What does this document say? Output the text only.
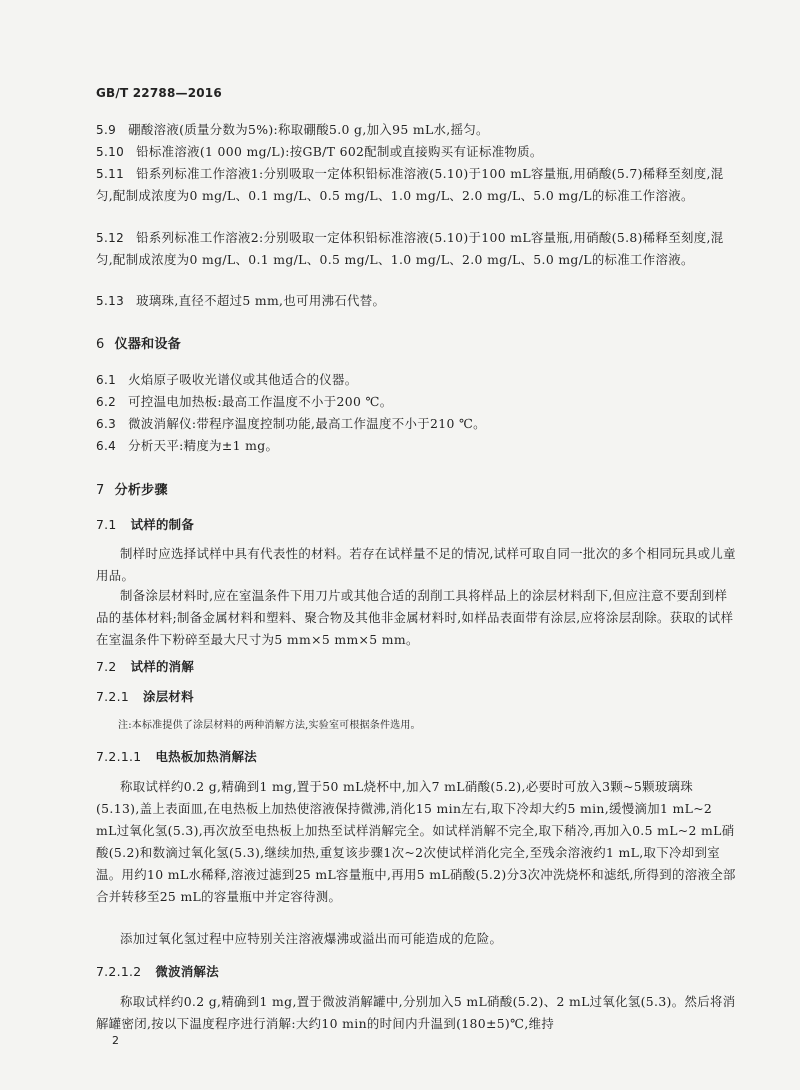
GB/T 22788—2016

5.9 硼酸溶液(质量分数为5%):称取硼酸5.0 g,加入95 mL水,摇匀。

5.10 铅标准溶液(1 000 mg/L):按GB/T 602配制或直接购买有证标准物质。

5.11 铅系列标准工作溶液1:分别吸取一定体积铅标准溶液(5.10)于100 mL容量瓶,用硝酸(5.7)稀释至刻度,混匀,配制成浓度为0 mg/L、0.1 mg/L、0.5 mg/L、1.0 mg/L、2.0 mg/L、5.0 mg/L的标准工作溶液。

5.12 铅系列标准工作溶液2:分别吸取一定体积铅标准溶液(5.10)于100 mL容量瓶,用硝酸(5.8)稀释至刻度,混匀,配制成浓度为0 mg/L、0.1 mg/L、0.5 mg/L、1.0 mg/L、2.0 mg/L、5.0 mg/L的标准工作溶液。

5.13 玻璃珠,直径不超过5 mm,也可用沸石代替。

6 仪器和设备

6.1 火焰原子吸收光谱仪或其他适合的仪器。

6.2 可控温电加热板:最高工作温度不小于200 ℃。

6.3 微波消解仪:带程序温度控制功能,最高工作温度不小于210 ℃。

6.4 分析天平:精度为±1 mg。

7 分析步骤
7.1 试样的制备

制样时应选择试样中具有代表性的材料。若存在试样量不足的情况,试样可取自同一批次的多个相同玩具或儿童用品。

制备涂层材料时,应在室温条件下用刀片或其他合适的刮削工具将样品上的涂层材料刮下,但应注意不要刮到样品的基体材料;制备金属材料和塑料、聚合物及其他非金属材料时,如样品表面带有涂层,应将涂层刮除。获取的试样在室温条件下粉碎至最大尺寸为5 mm×5 mm×5 mm。

7.2 试样的消解
7.2.1 涂层材料
注:本标准提供了涂层材料的两种消解方法,实验室可根据条件选用。
7.2.1.1 电热板加热消解法

称取试样约0.2 g,精确到1 mg,置于50 mL烧杯中,加入7 mL硝酸(5.2),必要时可放入3颗~5颗玻璃珠(5.13),盖上表面皿,在电热板上加热使溶液保持微沸,消化15 min左右,取下冷却大约5 min,缓慢滴加1 mL~2 mL过氧化氢(5.3),再次放至电热板上加热至试样消解完全。如试样消解不完全,取下稍冷,再加入0.5 mL~2 mL硝酸(5.2)和数滴过氧化氢(5.3),继续加热,重复该步骤1次~2次使试样消化完全,至残余溶液约1 mL,取下冷却到室温。用约10 mL水稀释,溶液过滤到25 mL容量瓶中,再用5 mL硝酸(5.2)分3次冲洗烧杯和滤纸,所得到的溶液全部合并转移至25 mL的容量瓶中并定容待测。

添加过氧化氢过程中应特别关注溶液爆沸或溢出而可能造成的危险。

7.2.1.2 微波消解法

称取试样约0.2 g,精确到1 mg,置于微波消解罐中,分别加入5 mL硝酸(5.2)、2 mL过氧化氢(5.3)。然后将消解罐密闭,按以下温度程序进行消解:大约10 min的时间内升温到(180±5)℃,维持

2
